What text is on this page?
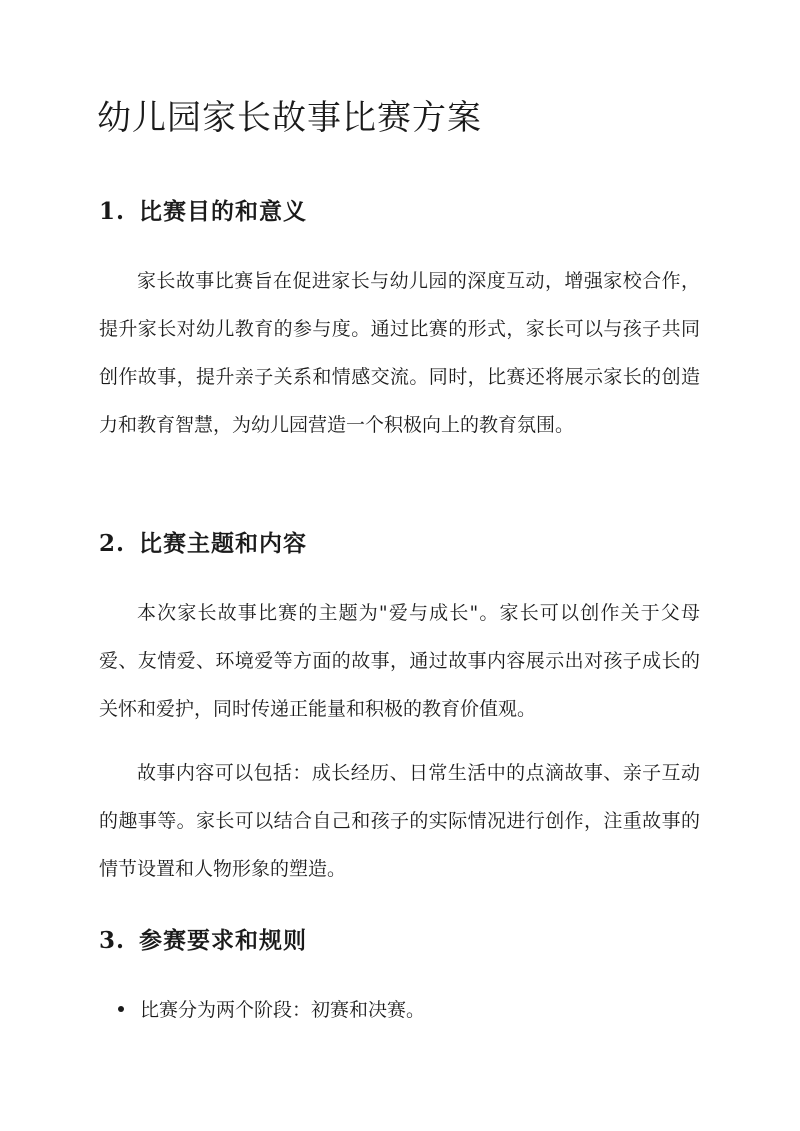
幼儿园家长故事比赛方案
1. 比赛目的和意义

家长故事比赛旨在促进家长与幼儿园的深度互动，增强家校合作，提升家长对幼儿教育的参与度。通过比赛的形式，家长可以与孩子共同创作故事，提升亲子关系和情感交流。同时，比赛还将展示家长的创造力和教育智慧，为幼儿园营造一个积极向上的教育氛围。

2. 比赛主题和内容

本次家长故事比赛的主题为"爱与成长"。家长可以创作关于父母爱、友情爱、环境爱等方面的故事，通过故事内容展示出对孩子成长的关怀和爱护，同时传递正能量和积极的教育价值观。

故事内容可以包括：成长经历、日常生活中的点滴故事、亲子互动的趣事等。家长可以结合自己和孩子的实际情况进行创作，注重故事的情节设置和人物形象的塑造。

3. 参赛要求和规则
比赛分为两个阶段：初赛和决赛。
